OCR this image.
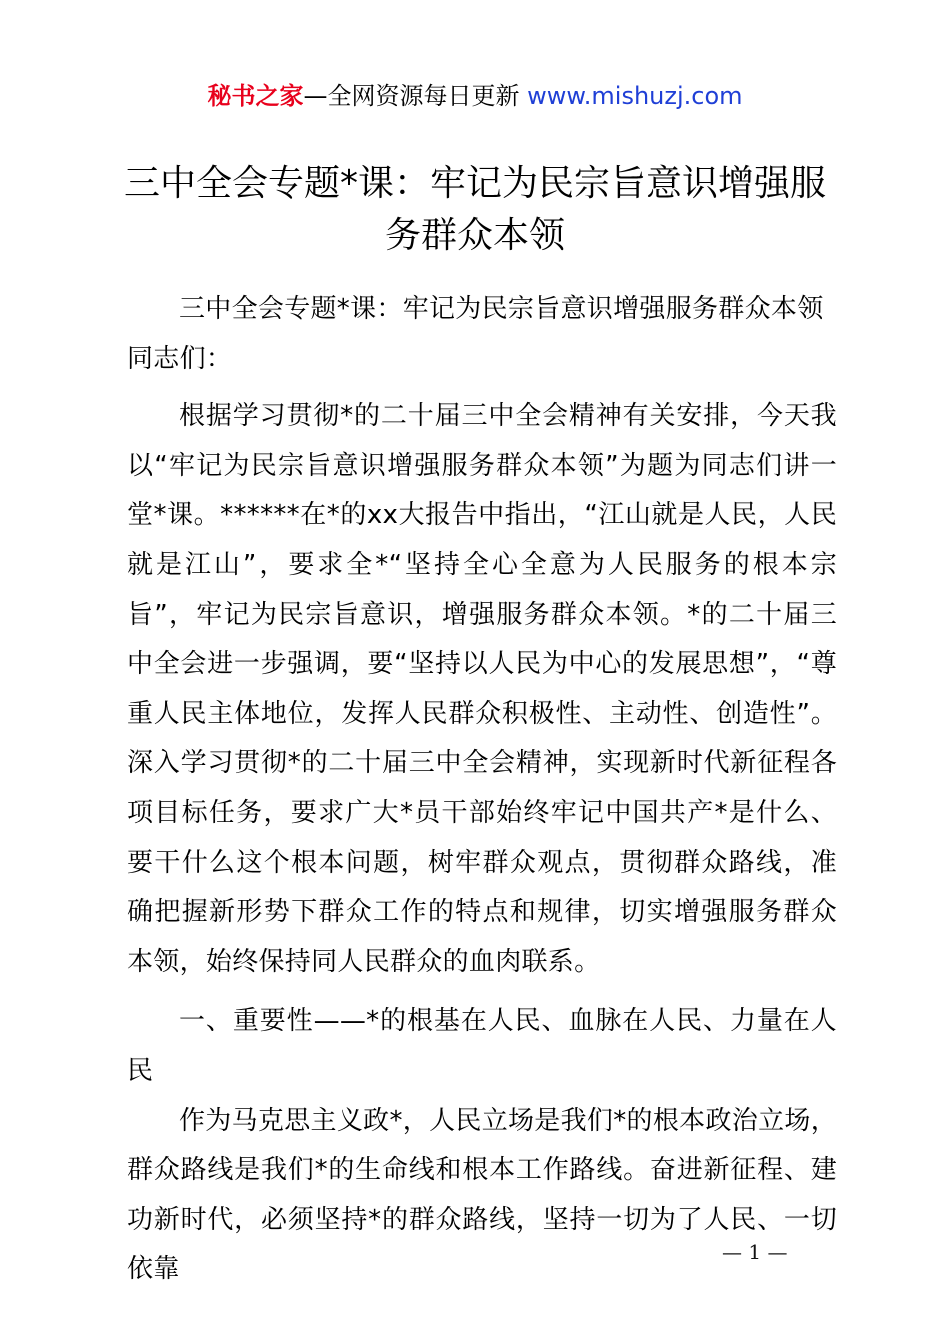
秘书之家—全网资源每日更新 www.mishuzj.com
三中全会专题*课：牢记为民宗旨意识增强服务群众本领

三中全会专题*课：牢记为民宗旨意识增强服务群众本领

同志们：

根据学习贯彻*的二十届三中全会精神有关安排，今天我以“牢记为民宗旨意识增强服务群众本领”为题为同志们讲一堂*课。******在*的xx大报告中指出，“江山就是人民，人民就是江山”，要求全*“坚持全心全意为人民服务的根本宗旨”，牢记为民宗旨意识，增强服务群众本领。*的二十届三中全会进一步强调，要“坚持以人民为中心的发展思想”，“尊重人民主体地位，发挥人民群众积极性、主动性、创造性”。深入学习贯彻*的二十届三中全会精神，实现新时代新征程各项目标任务，要求广大*员干部始终牢记中国共产*是什么、要干什么这个根本问题，树牢群众观点，贯彻群众路线，准确把握新形势下群众工作的特点和规律，切实增强服务群众本领，始终保持同人民群众的血肉联系。

一、重要性——*的根基在人民、血脉在人民、力量在人民

作为马克思主义政*，人民立场是我们*的根本政治立场，群众路线是我们*的生命线和根本工作路线。奋进新征程、建功新时代，必须坚持*的群众路线，坚持一切为了人民、一切依靠

— 1 —
